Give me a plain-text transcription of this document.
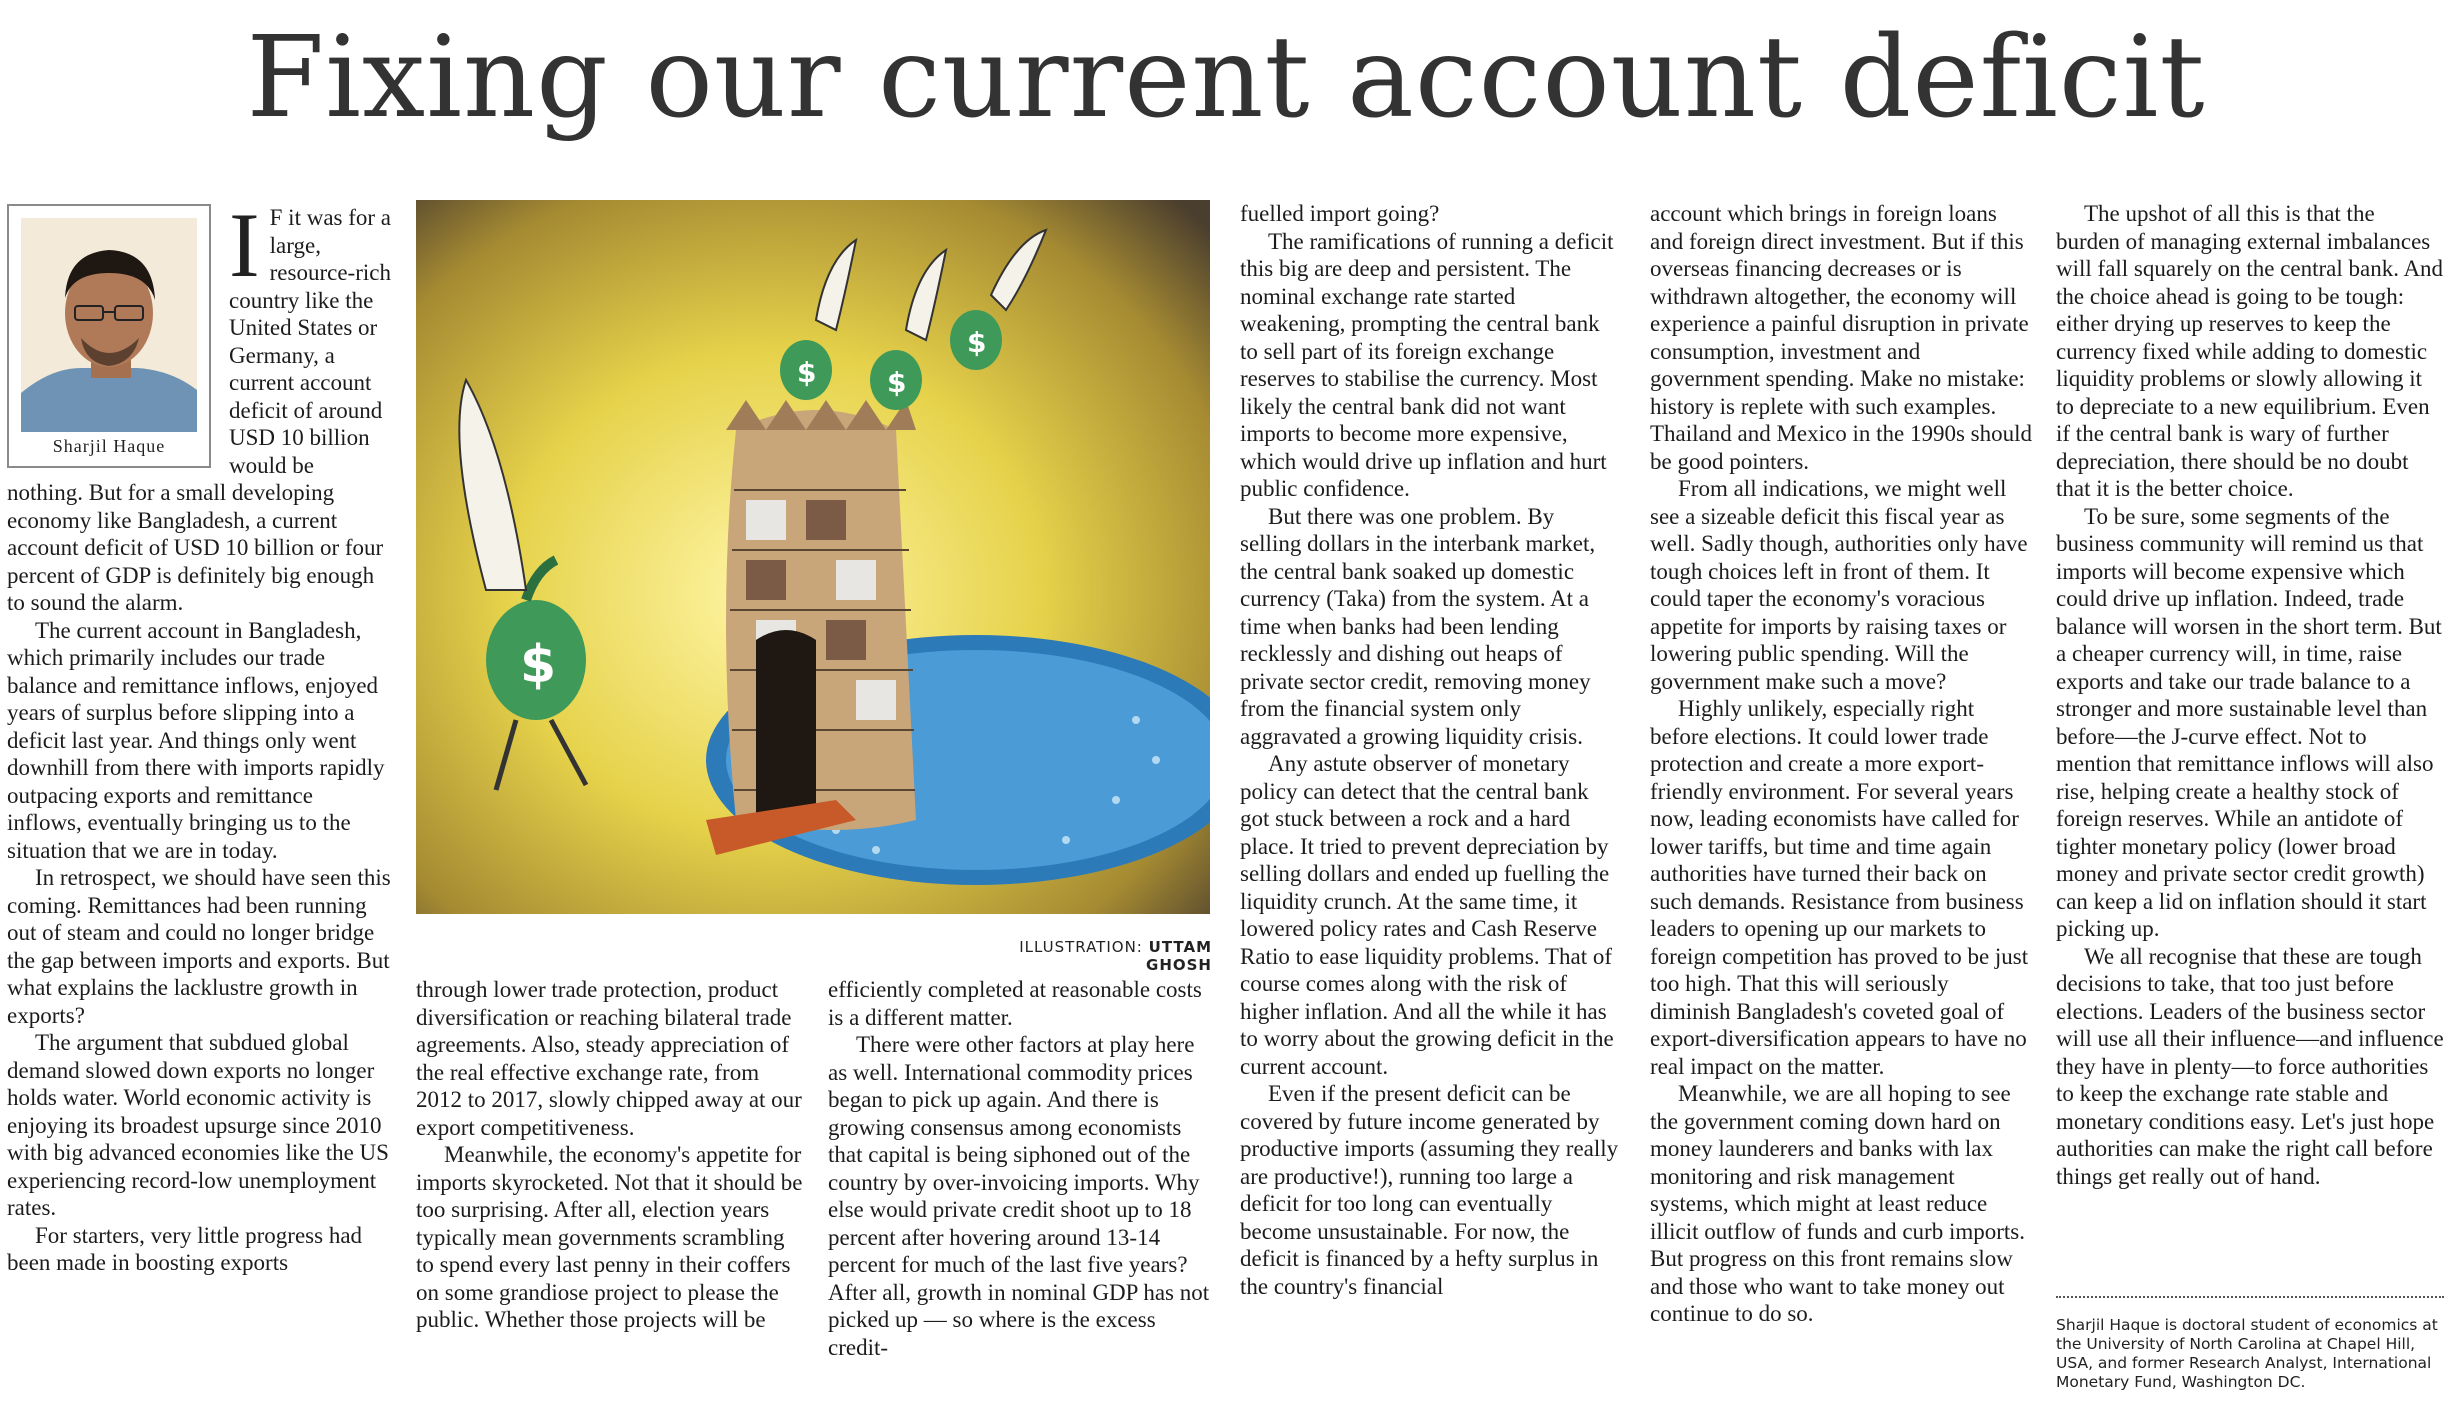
Fixing our current account deficit
Sharjil Haque

I F it was for a large, resource-rich country like the United States or Germany, a current account deficit of around USD 10 billion would be nothing. But for a small developing economy like Bangladesh, a current account deficit of USD 10 billion or four percent of GDP is definitely big enough to sound the alarm.

The current account in Bangladesh, which primarily includes our trade balance and remittance inflows, enjoyed years of surplus before slipping into a deficit last year. And things only went downhill from there with imports rapidly outpacing exports and remittance inflows, eventually bringing us to the situation that we are in today.

In retrospect, we should have seen this coming. Remittances had been running out of steam and could no longer bridge the gap between imports and exports. But what explains the lacklustre growth in exports?

The argument that subdued global demand slowed down exports no longer holds water. World economic activity is enjoying its broadest upsurge since 2010 with big advanced economies like the US experiencing record-low unemployment rates.

For starters, very little progress had been made in boosting exports

$
$	$
$
ILLUSTRATION: UTTAM GHOSH

through lower trade protection, product diversification or reaching bilateral trade agreements. Also, steady appreciation of the real effective exchange rate, from 2012 to 2017, slowly chipped away at our export competitiveness.

Meanwhile, the economy's appetite for imports skyrocketed. Not that it should be too surprising. After all, election years typically mean governments scrambling to spend every last penny in their coffers on some grandiose project to please the public. Whether those projects will be

efficiently completed at reasonable costs is a different matter.

There were other factors at play here as well. International commodity prices began to pick up again. And there is growing consensus among economists that capital is being siphoned out of the country by over-invoicing imports. Why else would private credit shoot up to 18 percent after hovering around 13-14 percent for much of the last five years? After all, growth in nominal GDP has not picked up — so where is the excess credit-

fuelled import going?

The ramifications of running a deficit this big are deep and persistent. The nominal exchange rate started weakening, prompting the central bank to sell part of its foreign exchange reserves to stabilise the currency. Most likely the central bank did not want imports to become more expensive, which would drive up inflation and hurt public confidence.

But there was one problem. By selling dollars in the interbank market, the central bank soaked up domestic currency (Taka) from the system. At a time when banks had been lending recklessly and dishing out heaps of private sector credit, removing money from the financial system only aggravated a growing liquidity crisis.

Any astute observer of monetary policy can detect that the central bank got stuck between a rock and a hard place. It tried to prevent depreciation by selling dollars and ended up fuelling the liquidity crunch. At the same time, it lowered policy rates and Cash Reserve Ratio to ease liquidity problems. That of course comes along with the risk of higher inflation. And all the while it has to worry about the growing deficit in the current account.

Even if the present deficit can be covered by future income generated by productive imports (assuming they really are productive!), running too large a deficit for too long can eventually become unsustainable. For now, the deficit is financed by a hefty surplus in the country's financial

account which brings in foreign loans and foreign direct investment. But if this overseas financing decreases or is withdrawn altogether, the economy will experience a painful disruption in private consumption, investment and government spending. Make no mistake: history is replete with such examples. Thailand and Mexico in the 1990s should be good pointers.

From all indications, we might well see a sizeable deficit this fiscal year as well. Sadly though, authorities only have tough choices left in front of them. It could taper the economy's voracious appetite for imports by raising taxes or lowering public spending. Will the government make such a move?

Highly unlikely, especially right before elections. It could lower trade protection and create a more export-friendly environment. For several years now, leading economists have called for lower tariffs, but time and time again authorities have turned their back on such demands. Resistance from business leaders to opening up our markets to foreign competition has proved to be just too high. That this will seriously diminish Bangladesh's coveted goal of export-diversification appears to have no real impact on the matter.

Meanwhile, we are all hoping to see the government coming down hard on money launderers and banks with lax monitoring and risk management systems, which might at least reduce illicit outflow of funds and curb imports. But progress on this front remains slow and those who want to take money out continue to do so.

The upshot of all this is that the burden of managing external imbalances will fall squarely on the central bank. And the choice ahead is going to be tough: either drying up reserves to keep the currency fixed while adding to domestic liquidity problems or slowly allowing it to depreciate to a new equilibrium. Even if the central bank is wary of further depreciation, there should be no doubt that it is the better choice.

To be sure, some segments of the business community will remind us that imports will become expensive which could drive up inflation. Indeed, trade balance will worsen in the short term. But a cheaper currency will, in time, raise exports and take our trade balance to a stronger and more sustainable level than before—the J-curve effect. Not to mention that remittance inflows will also rise, helping create a healthy stock of foreign reserves. While an antidote of tighter monetary policy (lower broad money and private sector credit growth) can keep a lid on inflation should it start picking up.

We all recognise that these are tough decisions to take, that too just before elections. Leaders of the business sector will use all their influence—and influence they have in plenty—to force authorities to keep the exchange rate stable and monetary conditions easy. Let's just hope authorities can make the right call before things get really out of hand.

Sharjil Haque is doctoral student of economics at the University of North Carolina at Chapel Hill, USA, and former Research Analyst, International Monetary Fund, Washington DC.
